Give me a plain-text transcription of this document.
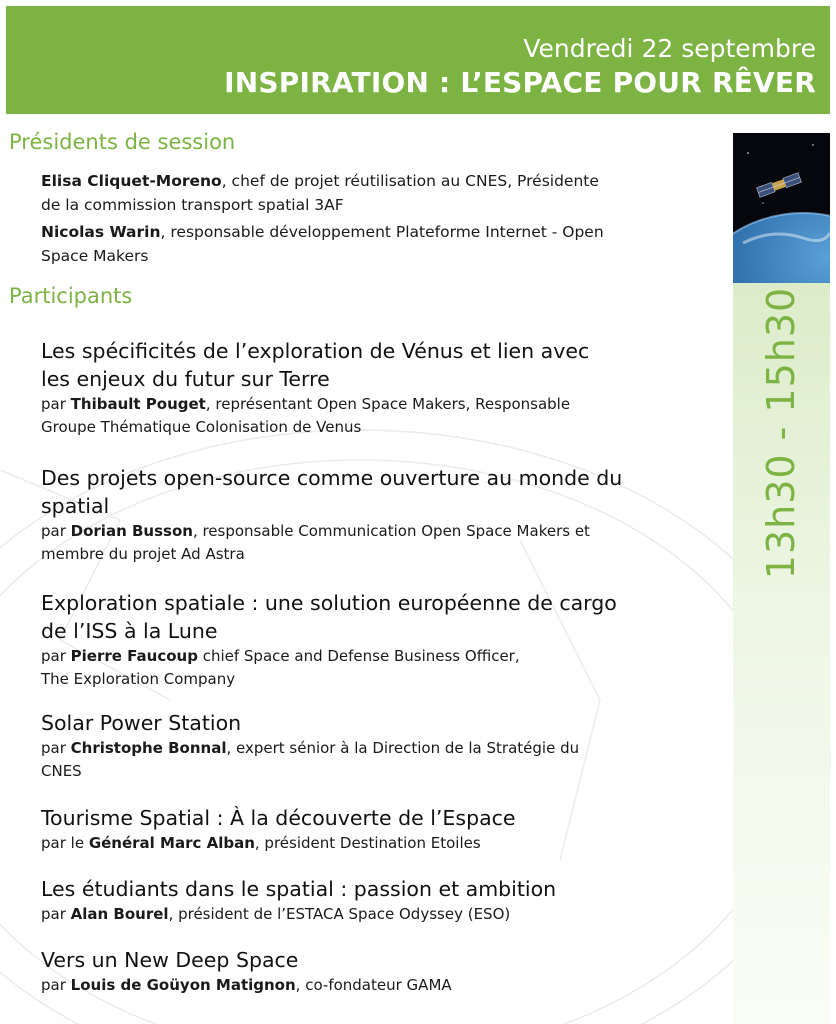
Vendredi 22 septembre
INSPIRATION : L’ESPACE POUR RÊVER
13h30 - 15h30
Présidents de session
Elisa Cliquet-Moreno, chef de projet réutilisation au CNES, Présidente
de la commission transport spatial 3AF
Nicolas Warin, responsable développement Plateforme Internet - Open
Space Makers
Participants
Les spécificités de l’exploration de Vénus et lien avec
les enjeux du futur sur Terre
par Thibault Pouget, représentant Open Space Makers, Responsable
Groupe Thématique Colonisation de Venus
Des projets open-source comme ouverture au monde du
spatial
par Dorian Busson, responsable Communication Open Space Makers et
membre du projet Ad Astra
Exploration spatiale : une solution européenne de cargo
de l’ISS à la Lune
par Pierre Faucoup chief Space and Defense Business Officer,
The Exploration Company
Solar Power Station
par Christophe Bonnal, expert sénior à la Direction de la Stratégie du
CNES
Tourisme Spatial : À la découverte de l’Espace
par le Général Marc Alban, président Destination Etoiles
Les étudiants dans le spatial : passion et ambition
par Alan Bourel, président de l’ESTACA Space Odyssey (ESO)
Vers un New Deep Space
par Louis de Goüyon Matignon, co-fondateur GAMA
